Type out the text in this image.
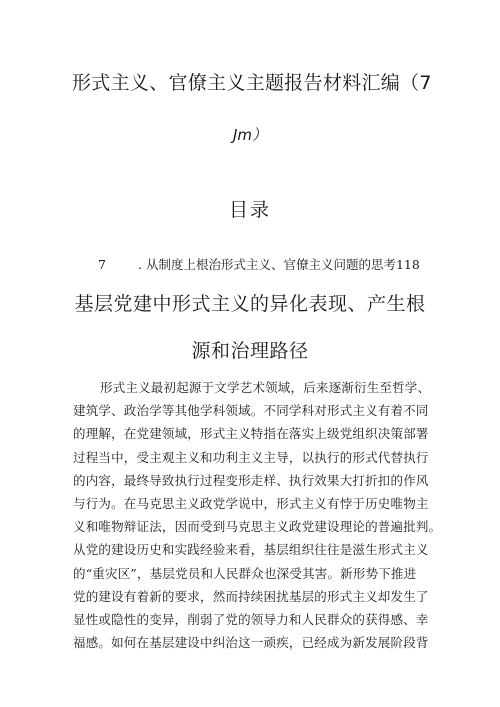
形式主义、官僚主义主题报告材料汇编（7
Jm）
目录
7	. 从制度上根治形式主义、官僚主义问题的思考118
基层党建中形式主义的异化表现、产生根
源和治理路径
形式主义最初起源于文学艺术领域，后来逐渐衍生至哲学、
建筑学、政治学等其他学科领域。不同学科对形式主义有着不同
的理解，在党建领域，形式主义特指在落实上级党组织决策部署
过程当中，受主观主义和功利主义主导，以执行的形式代替执行
的内容，最终导致执行过程变形走样、执行效果大打折扣的作风
与行为。在马克思主义政党学说中，形式主义有悖于历史唯物主
义和唯物辩证法，因而受到马克思主义政党建设理论的普遍批判。
从党的建设历史和实践经验来看，基层组织往往是滋生形式主义
的“重灾区”，基层党员和人民群众也深受其害。新形势下推进
党的建设有着新的要求，然而持续困扰基层的形式主义却发生了
显性或隐性的变异，削弱了党的领导力和人民群众的获得感、幸
福感。如何在基层建设中纠治这一顽疾，已经成为新发展阶段背
